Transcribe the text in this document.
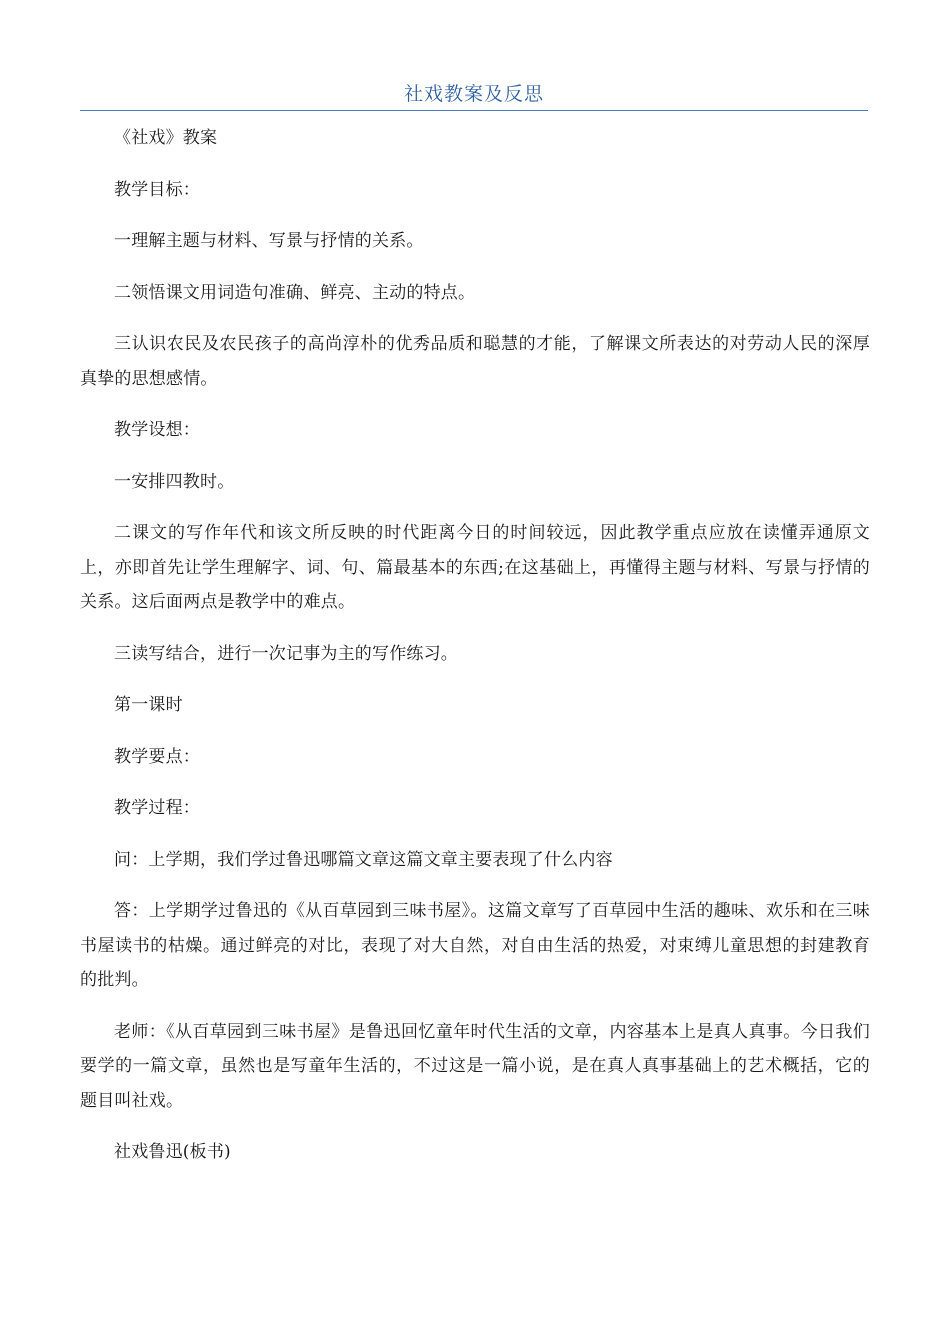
社戏教案及反思

《社戏》教案

教学目标：

一理解主题与材料、写景与抒情的关系。

二领悟课文用词造句准确、鲜亮、主动的特点。

三认识农民及农民孩子的高尚淳朴的优秀品质和聪慧的才能，了解课文所表达的对劳动人民的深厚真挚的思想感情。

教学设想：

一安排四教时。

二课文的写作年代和该文所反映的时代距离今日的时间较远，因此教学重点应放在读懂弄通原文上，亦即首先让学生理解字、词、句、篇最基本的东西;在这基础上，再懂得主题与材料、写景与抒情的关系。这后面两点是教学中的难点。

三读写结合，进行一次记事为主的写作练习。

第一课时

教学要点：

教学过程：

问：上学期，我们学过鲁迅哪篇文章这篇文章主要表现了什么内容

答：上学期学过鲁迅的《从百草园到三味书屋》。这篇文章写了百草园中生活的趣味、欢乐和在三味书屋读书的枯燥。通过鲜亮的对比，表现了对大自然，对自由生活的热爱，对束缚儿童思想的封建教育的批判。

老师：《从百草园到三味书屋》是鲁迅回忆童年时代生活的文章，内容基本上是真人真事。今日我们要学的一篇文章，虽然也是写童年生活的，不过这是一篇小说，是在真人真事基础上的艺术概括，它的题目叫社戏。

社戏鲁迅(板书)
